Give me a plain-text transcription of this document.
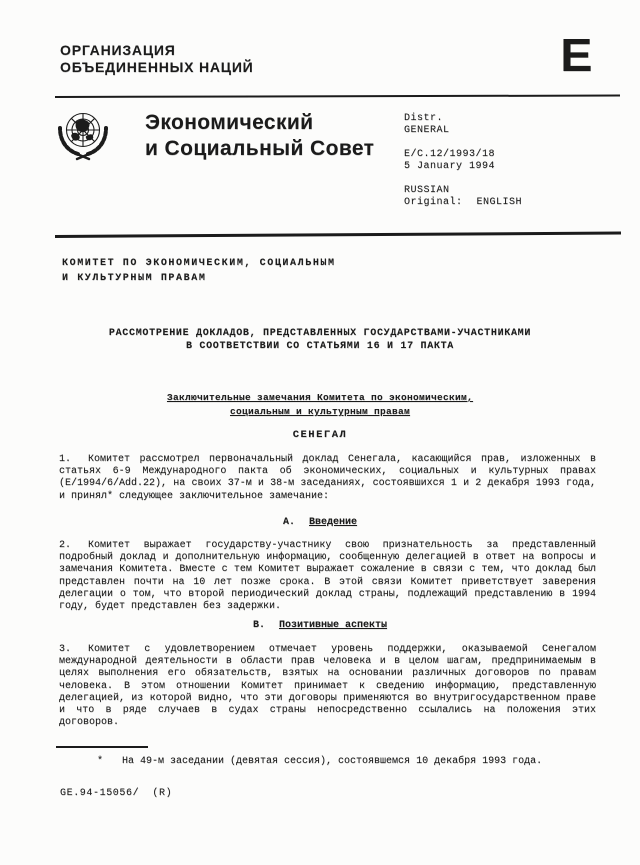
ОРГАНИЗАЦИЯ
ОБЪЕДИНЕННЫХ НАЦИЙ	E
Экономический
и Социальный Совет
Distr.
GENERAL
E/C.12/1993/18
5 January 1994
RUSSIAN
Original: ENGLISH
КОМИТЕТ ПО ЭКОНОМИЧЕСКИМ, СОЦИАЛЬНЫМ
И КУЛЬТУРНЫМ ПРАВАМ
РАССМОТРЕНИЕ ДОКЛАДОВ, ПРЕДСТАВЛЕННЫХ ГОСУДАРСТВАМИ-УЧАСТНИКАМИ
В СООТВЕТСТВИИ СО СТАТЬЯМИ 16 И 17 ПАКТА
Заключительные замечания Комитета по экономическим,
социальным и культурным правам
СЕНЕГАЛ

1. Комитет рассмотрел первоначальный доклад Сенегала, касающийся прав, изложенных в статьях 6-9 Международного пакта об экономических, социальных и культурных правах (E/1994/6/Add.22), на своих 37-м и 38-м заседаниях, состоявшихся 1 и 2 декабря 1993 года, и принял* следующее заключительное замечание:

A. Введение

2. Комитет выражает государству-участнику свою признательность за представленный подробный доклад и дополнительную информацию, сообщенную делегацией в ответ на вопросы и замечания Комитета. Вместе с тем Комитет выражает сожаление в связи с тем, что доклад был представлен почти на 10 лет позже срока. В этой связи Комитет приветствует заверения делегации о том, что второй периодический доклад страны, подлежащий представлению в 1994 году, будет представлен без задержки.

B. Позитивные аспекты

3. Комитет с удовлетворением отмечает уровень поддержки, оказываемой Сенегалом международной деятельности в области прав человека и в целом шагам, предпринимаемым в целях выполнения его обязательств, взятых на основании различных договоров по правам человека. В этом отношении Комитет принимает к сведению информацию, представленную делегацией, из которой видно, что эти договоры применяются во внутригосударственном праве и что в ряде случаев в судах страны непосредственно ссылались на положения этих договоров.

* На 49-м заседании (девятая сессия), состоявшемся 10 декабря 1993 года.

GE.94-15056/  (R)
